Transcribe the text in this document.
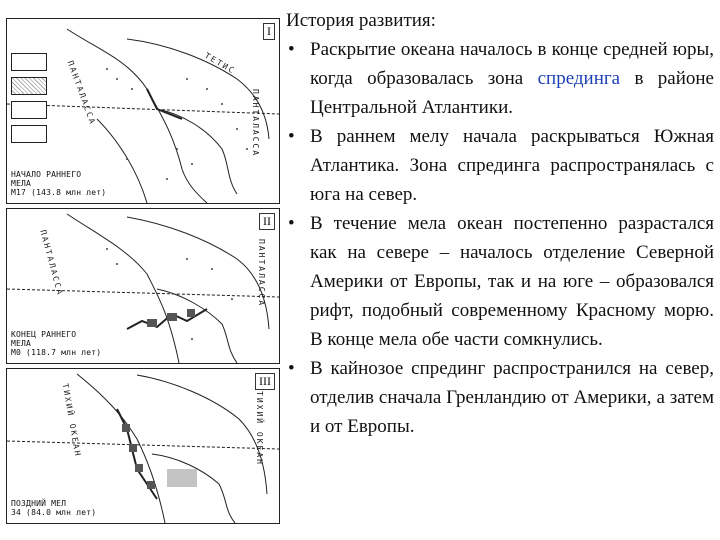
I
ПАНТАЛАССА	ТЕТИС
ПАНТАЛАССА
НАЧАЛО РАННЕГО
МЕЛА
M17 (143.8 млн лет)
II
ПАНТАЛАССА	ПАНТАЛАССА
КОНЕЦ РАННЕГО
МЕЛА
M0 (118.7 млн лет)
III
ТИХИЙ ОКЕАН	ТИХИЙ ОКЕАН
ПОЗДНИЙ МЕЛ
34 (84.0 млн лет)
История развития:
• Раскрытие океана началось в конце средней юры, когда образовалась зона спрединга в районе Центральной Атлантики.
• В раннем мелу начала раскрываться Южная Атлантика. Зона спрединга распространялась с юга на север.
• В течение мела океан постепенно разрастался как на севере – началось отделение Северной Америки от Европы, так и на юге – образовался рифт, подобный современному Красному морю. В конце мела обе части сомкнулись.
• В кайнозое спрединг распространился на север, отделив сначала Гренландию от Америки, а затем и от Европы.
